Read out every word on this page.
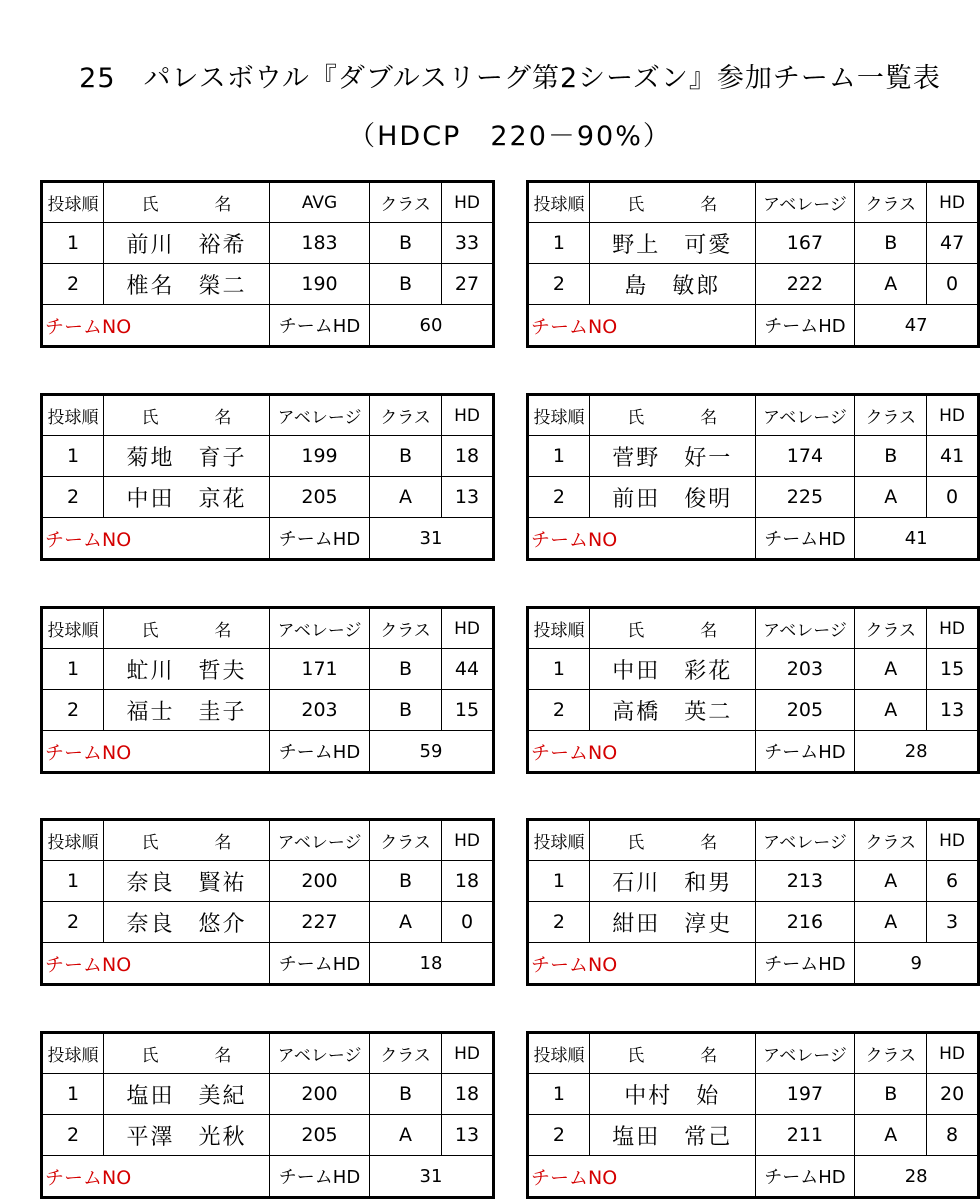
25　パレスボウル『ダブルスリーグ第2シーズン』参加チーム一覧表
（HDCP　220－90%）
投球順	氏 名	AVG	クラス	HD
1	前川　裕希	183	B	33
2	椎名　榮二	190	B	27
チームNO		チームHD	60	
投球順	氏 名	アベレージ	クラス	HD
1	野上　可愛	167	B	47
2	島　敏郎	222	A	0
チームNO		チームHD	47	
投球順	氏 名	アベレージ	クラス	HD
1	菊地　育子	199	B	18
2	中田　京花	205	A	13
チームNO		チームHD	31	
投球順	氏 名	アベレージ	クラス	HD
1	菅野　好一	174	B	41
2	前田　俊明	225	A	0
チームNO		チームHD	41	
投球順	氏 名	アベレージ	クラス	HD
1	虻川　哲夫	171	B	44
2	福士　圭子	203	B	15
チームNO		チームHD	59	
投球順	氏 名	アベレージ	クラス	HD
1	中田　彩花	203	A	15
2	高橋　英二	205	A	13
チームNO		チームHD	28	
投球順	氏 名	アベレージ	クラス	HD
1	奈良　賢祐	200	B	18
2	奈良　悠介	227	A	0
チームNO		チームHD	18	
投球順	氏 名	アベレージ	クラス	HD
1	石川　和男	213	A	6
2	紺田　淳史	216	A	3
チームNO		チームHD	9	
投球順	氏 名	アベレージ	クラス	HD
1	塩田　美紀	200	B	18
2	平澤　光秋	205	A	13
チームNO		チームHD	31	
投球順	氏 名	アベレージ	クラス	HD
1	中村　始	197	B	20
2	塩田　常己	211	A	8
チームNO		チームHD	28	
